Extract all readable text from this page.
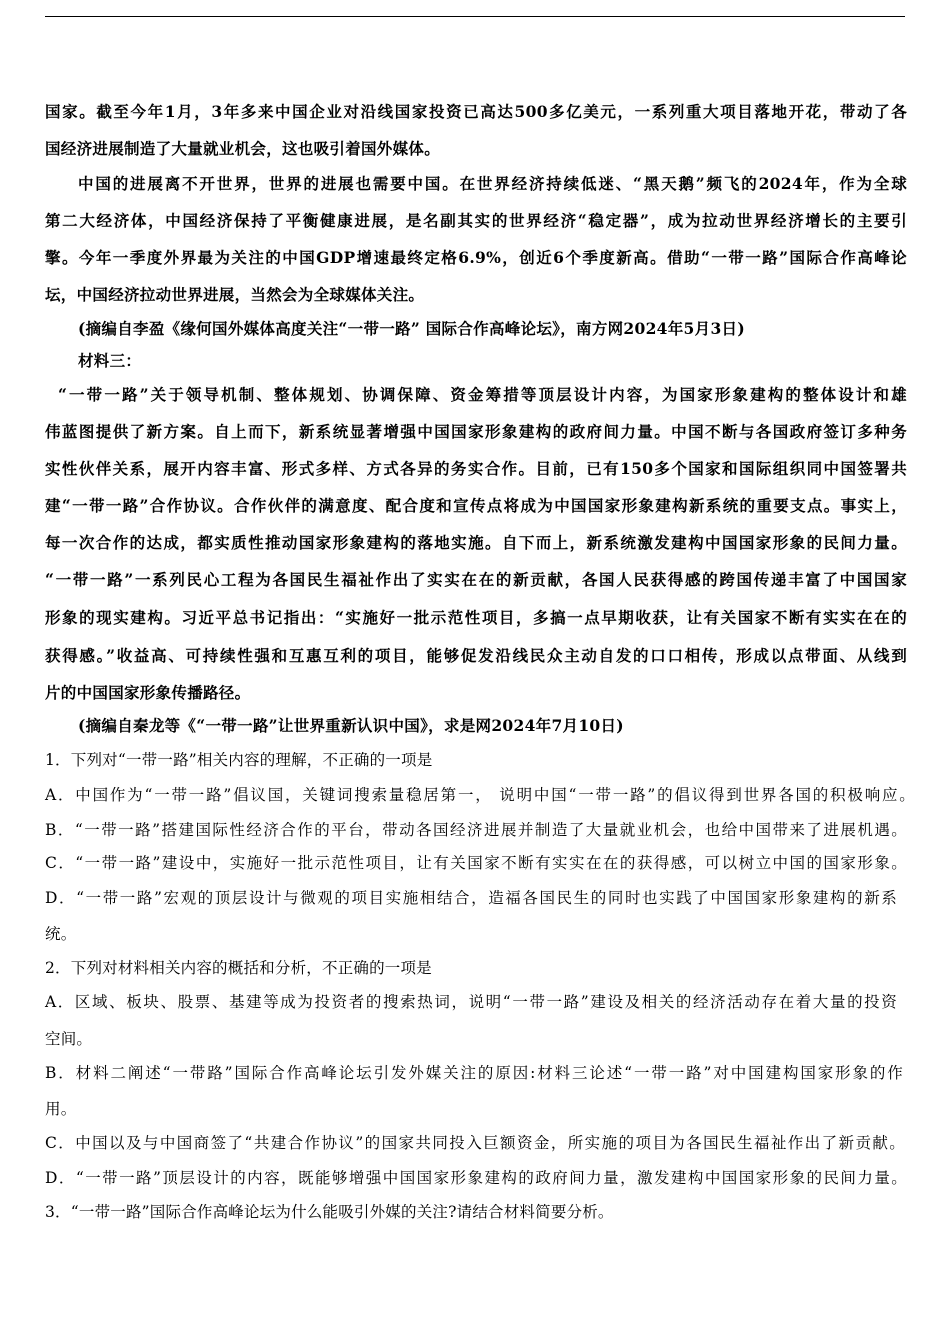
国家。截至今年1月，3年多来中国企业对沿线国家投资已高达500多亿美元，一系列重大项目落地开花，带动了各
国经济进展制造了大量就业机会，这也吸引着国外媒体。
中国的进展离不开世界，世界的进展也需要中国。在世界经济持续低迷、“黑天鹅”频飞的2024年，作为全球
第二大经济体，中国经济保持了平衡健康进展，是名副其实的世界经济“稳定器”，成为拉动世界经济增长的主要引
擎。今年一季度外界最为关注的中国GDP增速最终定格6.9%，创近6个季度新高。借助“一带一路”国际合作高峰论
坛，中国经济拉动世界进展，当然会为全球媒体关注。
(摘编自李盈《缘何国外媒体高度关注“一带一路” 国际合作高峰论坛》，南方网2024年5月3日)
材料三：
“一带一路”关于领导机制、整体规划、协调保障、资金筹措等顶层设计内容，为国家形象建构的整体设计和雄
伟蓝图提供了新方案。自上而下，新系统显著增强中国国家形象建构的政府间力量。中国不断与各国政府签订多种务
实性伙伴关系，展开内容丰富、形式多样、方式各异的务实合作。目前，已有150多个国家和国际组织同中国签署共
建“一带一路”合作协议。合作伙伴的满意度、配合度和宣传点将成为中国国家形象建构新系统的重要支点。事实上，
每一次合作的达成，都实质性推动国家形象建构的落地实施。自下而上，新系统激发建构中国国家形象的民间力量。
“一带一路”一系列民心工程为各国民生福祉作出了实实在在的新贡献，各国人民获得感的跨国传递丰富了中国国家
形象的现实建构。习近平总书记指出：“实施好一批示范性项目，多搞一点早期收获，让有关国家不断有实实在在的
获得感。”收益高、可持续性强和互惠互利的项目，能够促发沿线民众主动自发的口口相传，形成以点带面、从线到
片的中国国家形象传播路径。
(摘编自秦龙等《“一带一路”让世界重新认识中国》，求是网2024年7月10日)
1．下列对“一带一路”相关内容的理解，不正确的一项是
A．中国作为“一带一路”倡议国，关键词搜索量稳居第一， 说明中国“一带一路”的倡议得到世界各国的积极响应。
B．“一带一路”搭建国际性经济合作的平台，带动各国经济进展并制造了大量就业机会，也给中国带来了进展机遇。
C．“一带一路”建设中，实施好一批示范性项目，让有关国家不断有实实在在的获得感，可以树立中国的国家形象。
D．“一带一路”宏观的顶层设计与微观的项目实施相结合，造福各国民生的同时也实践了中国国家形象建构的新系
统。
2．下列对材料相关内容的概括和分析，不正确的一项是
A．区域、板块、股票、基建等成为投资者的搜索热词，说明“一带一路”建设及相关的经济活动存在着大量的投资
空间。
B．材料二阐述“一带路”国际合作高峰论坛引发外媒关注的原因:材料三论述“一带一路”对中国建构国家形象的作
用。
C．中国以及与中国商签了“共建合作协议”的国家共同投入巨额资金，所实施的项目为各国民生福祉作出了新贡献。
D．“一带一路”顶层设计的内容，既能够增强中国国家形象建构的政府间力量，激发建构中国国家形象的民间力量。
3．“一带一路”国际合作高峰论坛为什么能吸引外媒的关注?请结合材料简要分析。
